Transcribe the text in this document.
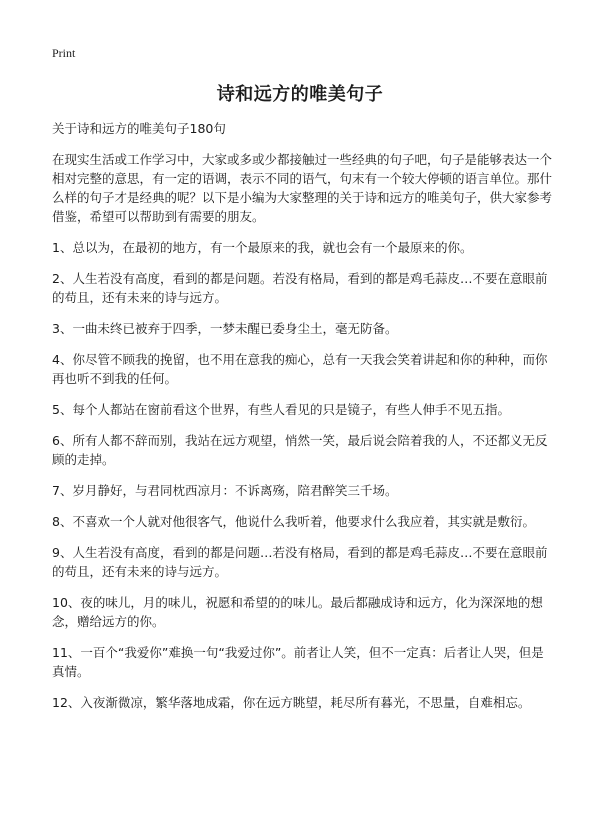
Print
诗和远方的唯美句子

关于诗和远方的唯美句子180句

在现实生活或工作学习中，大家或多或少都接触过一些经典的句子吧，句子是能够表达一个相对完整的意思，有一定的语调，表示不同的语气，句末有一个较大停顿的语言单位。那什么样的句子才是经典的呢？以下是小编为大家整理的关于诗和远方的唯美句子，供大家参考借鉴，希望可以帮助到有需要的朋友。

1、总以为，在最初的地方，有一个最原来的我，就也会有一个最原来的你。

2、人生若没有高度，看到的都是问题。若没有格局，看到的都是鸡毛蒜皮…不要在意眼前的苟且，还有未来的诗与远方。

3、一曲未终已被弃于四季，一梦未醒已委身尘土，毫无防备。

4、你尽管不顾我的挽留，也不用在意我的痴心，总有一天我会笑着讲起和你的种种，而你再也听不到我的任何。

5、每个人都站在窗前看这个世界，有些人看见的只是镜子，有些人伸手不见五指。

6、所有人都不辞而别，我站在远方观望，悄然一笑，最后说会陪着我的人，不还都义无反顾的走掉。

7、岁月静好，与君同枕西凉月：不诉离殇，陪君醉笑三千场。

8、不喜欢一个人就对他很客气，他说什么我听着，他要求什么我应着，其实就是敷衍。

9、人生若没有高度，看到的都是问题…若没有格局，看到的都是鸡毛蒜皮…不要在意眼前的苟且，还有未来的诗与远方。

10、夜的味儿，月的味儿，祝愿和希望的的味儿。最后都融成诗和远方，化为深深地的想念，赠给远方的你。

11、一百个“我爱你”难换一句“我爱过你”。前者让人笑，但不一定真：后者让人哭，但是真情。

12、入夜渐微凉，繁华落地成霜，你在远方眺望，耗尽所有暮光，不思量，自难相忘。
